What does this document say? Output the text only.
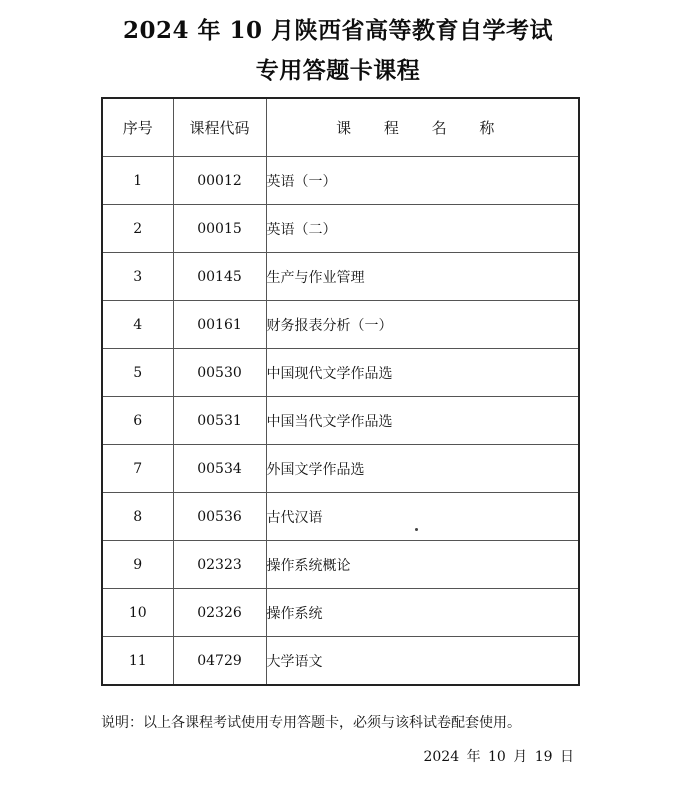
2024 年 10 月陕西省高等教育自学考试
专用答题卡课程
序号	课程代码	课 程 名 称
1	00012	英语（一）
2	00015	英语（二）
3	00145	生产与作业管理
4	00161	财务报表分析（一）
5	00530	中国现代文学作品选
6	00531	中国当代文学作品选
7	00534	外国文学作品选
8	00536	古代汉语
9	02323	操作系统概论
10	02326	操作系统
11	04729	大学语文
说明：以上各课程考试使用专用答题卡，必须与该科试卷配套使用。
2024 年 10 月 19 日
